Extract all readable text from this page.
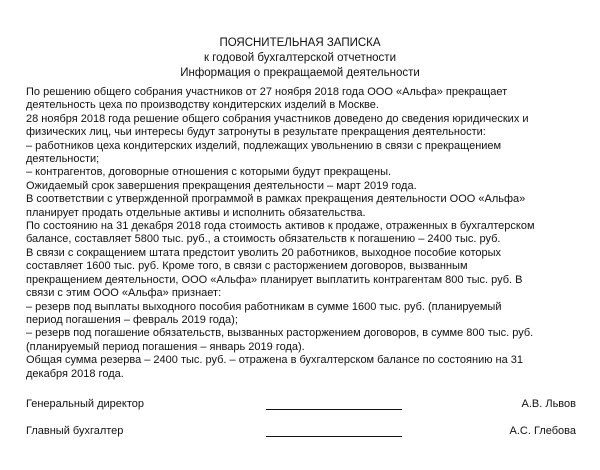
ПОЯСНИТЕЛЬНАЯ ЗАПИСКА
к годовой бухгалтерской отчетности
Информация о прекращаемой деятельности
По решению общего собрания участников от 27 ноября 2018 года ООО «Альфа» прекращает
деятельность цеха по производству кондитерских изделий в Москве.
28 ноября 2018 года решение общего собрания участников доведено до сведения юридических и
физических лиц, чьи интересы будут затронуты в результате прекращения деятельности:
– работников цеха кондитерских изделий, подлежащих увольнению в связи с прекращением
деятельности;
– контрагентов, договорные отношения с которыми будут прекращены.
Ожидаемый срок завершения прекращения деятельности – март 2019 года.
В соответствии с утвержденной программой в рамках прекращения деятельности ООО «Альфа»
планирует продать отдельные активы и исполнить обязательства.
По состоянию на 31 декабря 2018 года стоимость активов к продаже, отраженных в бухгалтерском
балансе, составляет 5800 тыс. руб., а стоимость обязательств к погашению – 2400 тыс. руб.
В связи с сокращением штата предстоит уволить 20 работников, выходное пособие которых
составляет 1600 тыс. руб. Кроме того, в связи с расторжением договоров, вызванным
прекращением деятельности, ООО «Альфа» планирует выплатить контрагентам 800 тыс. руб. В
связи с этим ООО «Альфа» признает:
– резерв под выплаты выходного пособия работникам в сумме 1600 тыс. руб. (планируемый
период погашения – февраль 2019 года);
– резерв под погашение обязательств, вызванных расторжением договоров, в сумме 800 тыс. руб.
(планируемый период погашения – январь 2019 года).
Общая сумма резерва – 2400 тыс. руб. – отражена в бухгалтерском балансе по состоянию на 31
декабря 2018 года.
Генеральный директор	А.В. Львов
Главный бухгалтер	А.С. Глебова
